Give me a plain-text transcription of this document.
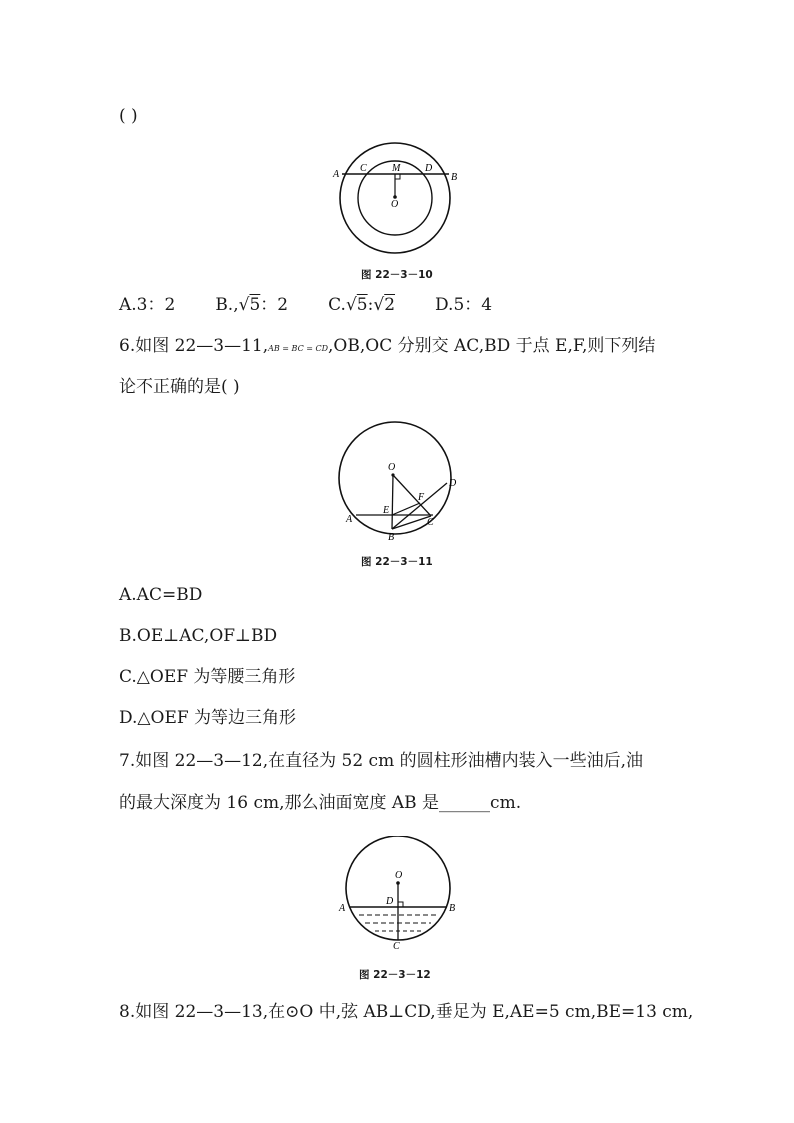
( )
A
C	M D
B
O
图 22－3－10
A.3：2 B.,√5：2 C.√5:√2 D.5：4
6.如图 22—3—11,AB = BC = CD,OB,OC 分别交 AC,BD 于点 E,F,则下列结
论不正确的是( )
O
F
D
A
E
C
B
图 22－3－11
A.AC=BD
B.OE⊥AC,OF⊥BD
C.△OEF 为等腰三角形
D.△OEF 为等边三角形
7.如图 22—3—12,在直径为 52 cm 的圆柱形油槽内装入一些油后,油
的最大深度为 16 cm,那么油面宽度 AB 是______cm.
O
D
A	B
C
图 22－3－12
8.如图 22—3—13,在⊙O 中,弦 AB⊥CD,垂足为 E,AE=5 cm,BE=13 cm,
